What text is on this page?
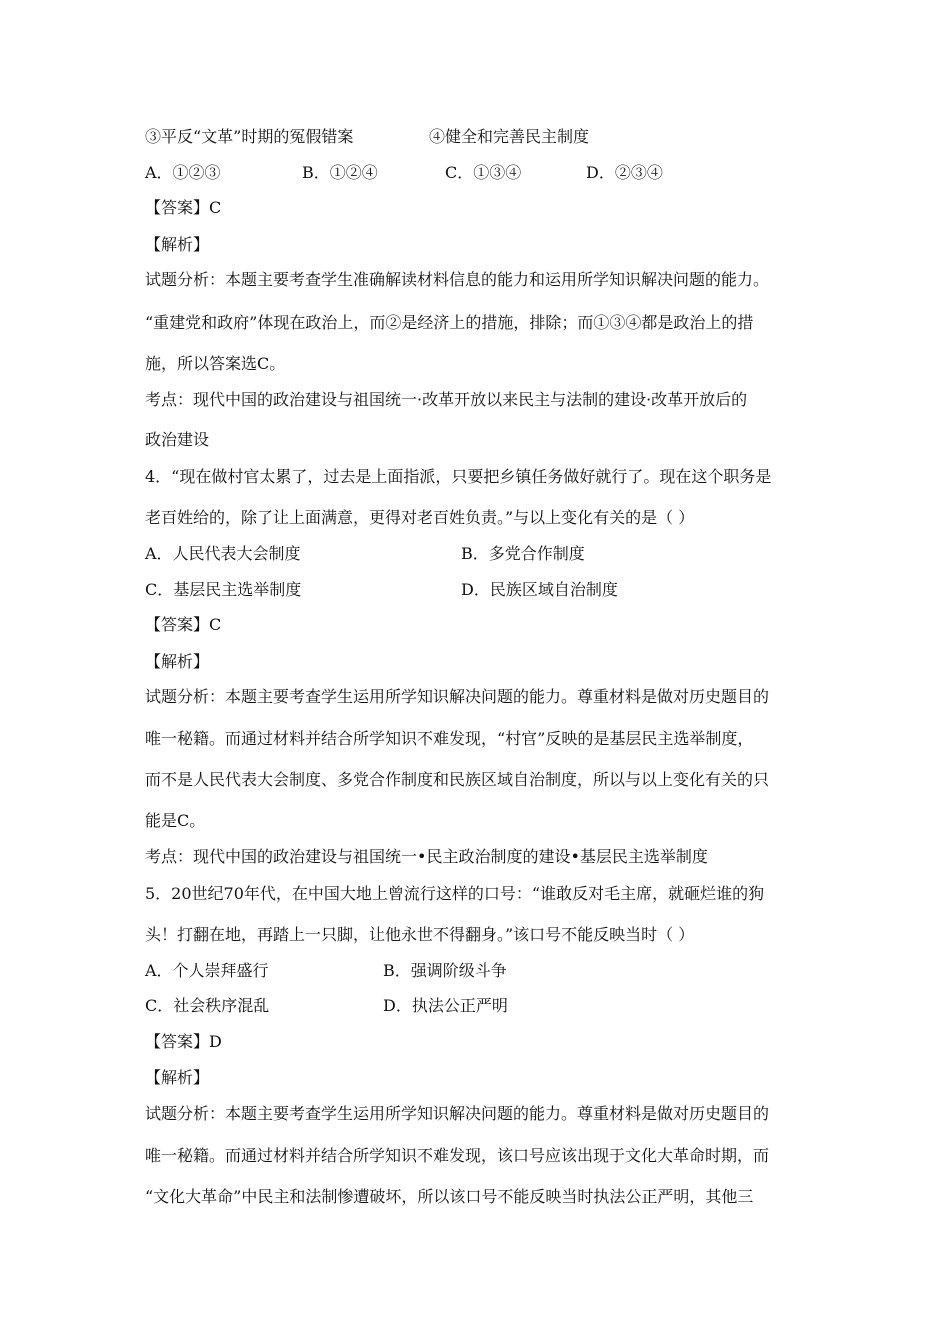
③平反“文革”时期的冤假错案	④健全和完善民主制度
A．①②③	B．①②④	C．①③④	D．②③④
【答案】C
【解析】
试题分析：本题主要考查学生准确解读材料信息的能力和运用所学知识解决问题的能力。
“重建党和政府”体现在政治上，而②是经济上的措施，排除；而①③④都是政治上的措
施，所以答案选C。
考点：现代中国的政治建设与祖国统一·改革开放以来民主与法制的建设·改革开放后的
政治建设
4．“现在做村官太累了，过去是上面指派，只要把乡镇任务做好就行了。现在这个职务是
老百姓给的，除了让上面满意，更得对老百姓负责。”与以上变化有关的是（ ）
A．人民代表大会制度	B．多党合作制度
C．基层民主选举制度	D．民族区域自治制度
【答案】C
【解析】
试题分析：本题主要考查学生运用所学知识解决问题的能力。尊重材料是做对历史题目的
唯一秘籍。而通过材料并结合所学知识不难发现，“村官”反映的是基层民主选举制度，
而不是人民代表大会制度、多党合作制度和民族区域自治制度，所以与以上变化有关的只
能是C。
考点：现代中国的政治建设与祖国统一•民主政治制度的建设•基层民主选举制度
5．20世纪70年代，在中国大地上曾流行这样的口号：“谁敢反对毛主席，就砸烂谁的狗
头！打翻在地，再踏上一只脚，让他永世不得翻身。”该口号不能反映当时（ ）
A．个人崇拜盛行	B．强调阶级斗争
C．社会秩序混乱	D．执法公正严明
【答案】D
【解析】
试题分析：本题主要考查学生运用所学知识解决问题的能力。尊重材料是做对历史题目的
唯一秘籍。而通过材料并结合所学知识不难发现，该口号应该出现于文化大革命时期，而
“文化大革命”中民主和法制惨遭破坏，所以该口号不能反映当时执法公正严明，其他三
